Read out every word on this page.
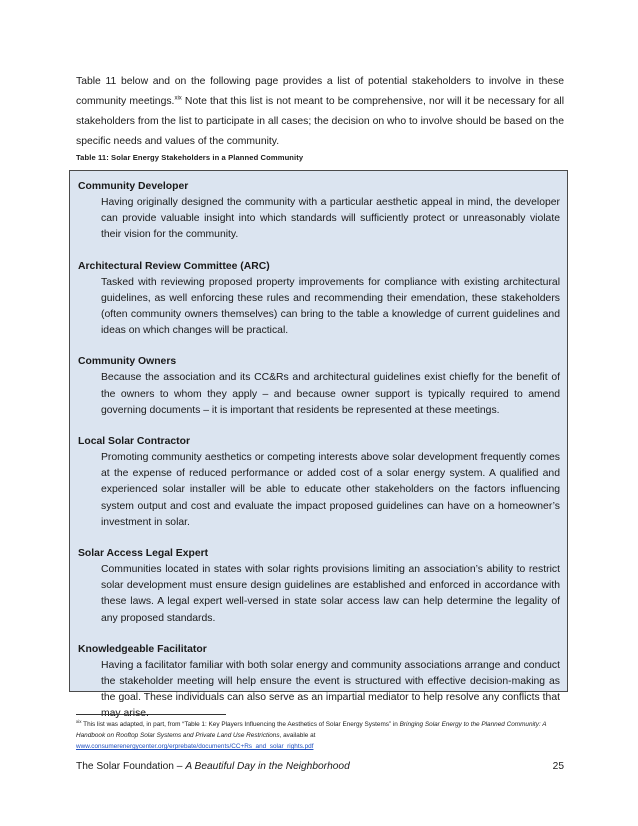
Table 11 below and on the following page provides a list of potential stakeholders to involve in these community meetings.$^{xix}$ Note that this list is not meant to be comprehensive, nor will it be necessary for all stakeholders from the list to participate in all cases; the decision on who to involve should be based on the specific needs and values of the community.

Table 11: Solar Energy Stakeholders in a Planned Community

Community Developer

Having originally designed the community with a particular aesthetic appeal in mind, the developer can provide valuable insight into which standards will sufficiently protect or unreasonably violate their vision for the community.

Architectural Review Committee (ARC)

Tasked with reviewing proposed property improvements for compliance with existing architectural guidelines, as well enforcing these rules and recommending their emendation, these stakeholders (often community owners themselves) can bring to the table a knowledge of current guidelines and ideas on which changes will be practical.

Community Owners

Because the association and its CC&Rs and architectural guidelines exist chiefly for the benefit of the owners to whom they apply – and because owner support is typically required to amend governing documents – it is important that residents be represented at these meetings.

Local Solar Contractor

Promoting community aesthetics or competing interests above solar development frequently comes at the expense of reduced performance or added cost of a solar energy system. A qualified and experienced solar installer will be able to educate other stakeholders on the factors influencing system output and cost and evaluate the impact proposed guidelines can have on a homeowner’s investment in solar.

Solar Access Legal Expert

Communities located in states with solar rights provisions limiting an association’s ability to restrict solar development must ensure design guidelines are established and enforced in accordance with these laws. A legal expert well-versed in state solar access law can help determine the legality of any proposed standards.

Knowledgeable Facilitator

Having a facilitator familiar with both solar energy and community associations arrange and conduct the stakeholder meeting will help ensure the event is structured with effective decision-making as the goal. These individuals can also serve as an impartial mediator to help resolve any conflicts that may arise.

$^{xix}$ This list was adapted, in part, from “Table 1: Key Players Influencing the Aesthetics of Solar Energy Systems” in Bringing Solar Energy to the Planned Community: A Handbook on Rooftop Solar Systems and Private Land Use Restrictions, available at
www.consumerenergycenter.org/erprebate/documents/CC+Rs_and_solar_rights.pdf
The Solar Foundation – A Beautiful Day in the Neighborhood	25
